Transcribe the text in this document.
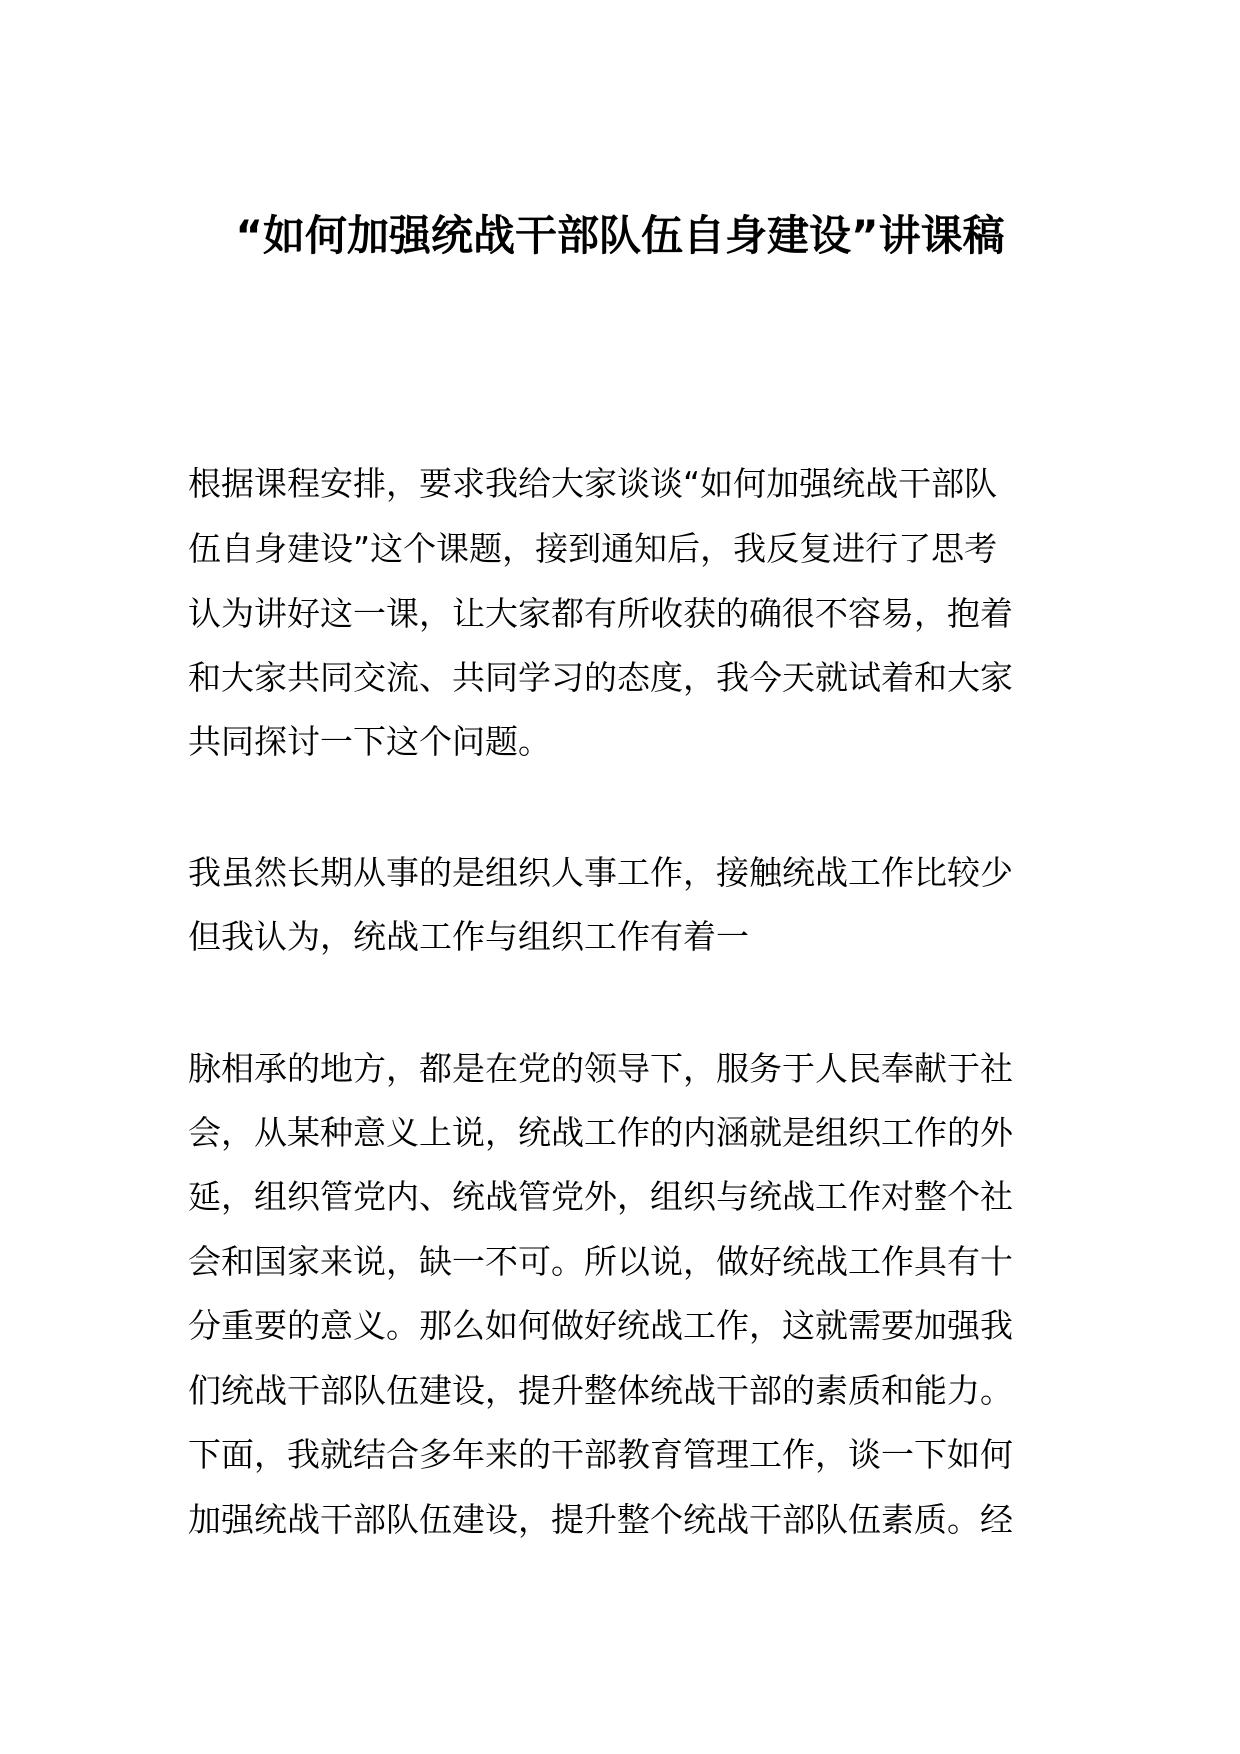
“如何加强统战干部队伍自身建设”讲课稿
根据课程安排，要求我给大家谈谈“如何加强统战干部队
伍自身建设”这个课题，接到通知后，我反复进行了思考
认为讲好这一课，让大家都有所收获的确很不容易，抱着
和大家共同交流、共同学习的态度，我今天就试着和大家
共同探讨一下这个问题。
我虽然长期从事的是组织人事工作，接触统战工作比较少
但我认为，统战工作与组织工作有着一
脉相承的地方，都是在党的领导下，服务于人民奉献于社
会，从某种意义上说，统战工作的内涵就是组织工作的外
延，组织管党内、统战管党外，组织与统战工作对整个社
会和国家来说，缺一不可。所以说，做好统战工作具有十
分重要的意义。那么如何做好统战工作，这就需要加强我
们统战干部队伍建设，提升整体统战干部的素质和能力。
下面，我就结合多年来的干部教育管理工作，谈一下如何
加强统战干部队伍建设，提升整个统战干部队伍素质。经
